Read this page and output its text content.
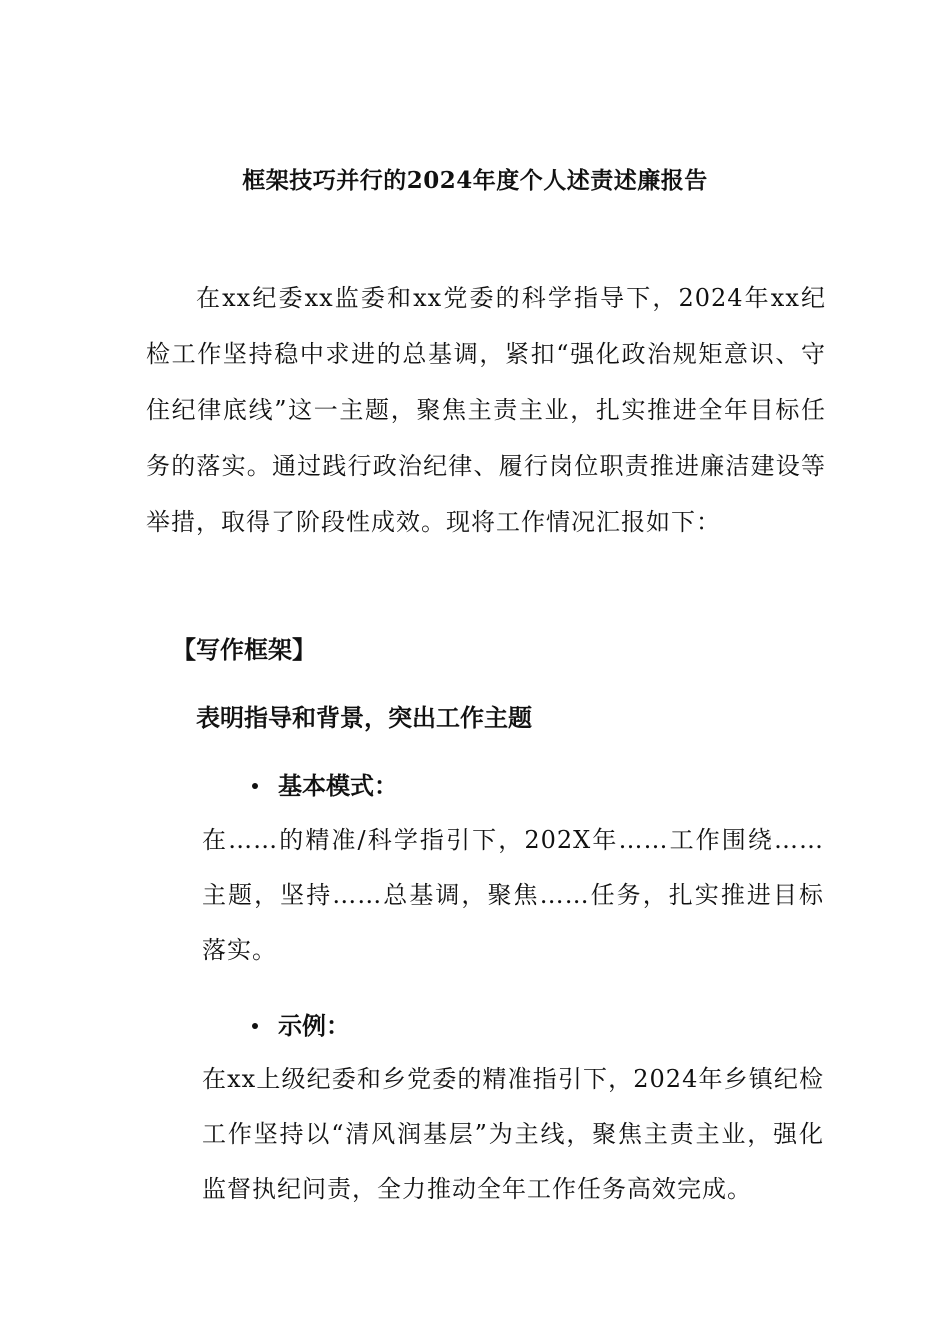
框架技巧并行的2024年度个人述责述廉报告

在xx纪委xx监委和xx党委的科学指导下，2024年xx纪检工作坚持稳中求进的总基调，紧扣“强化政治规矩意识、守住纪律底线”这一主题，聚焦主责主业，扎实推进全年目标任务的落实。通过践行政治纪律、履行岗位职责推进廉洁建设等举措，取得了阶段性成效。现将工作情况汇报如下：

【写作框架】
表明指导和背景，突出工作主题
基本模式：

在……的精准/科学指引下，202X年……工作围绕……主题，坚持……总基调，聚焦……任务，扎实推进目标落实。

示例：

在xx上级纪委和乡党委的精准指引下，2024年乡镇纪检工作坚持以“清风润基层”为主线，聚焦主责主业，强化监督执纪问责，全力推动全年工作任务高效完成。
